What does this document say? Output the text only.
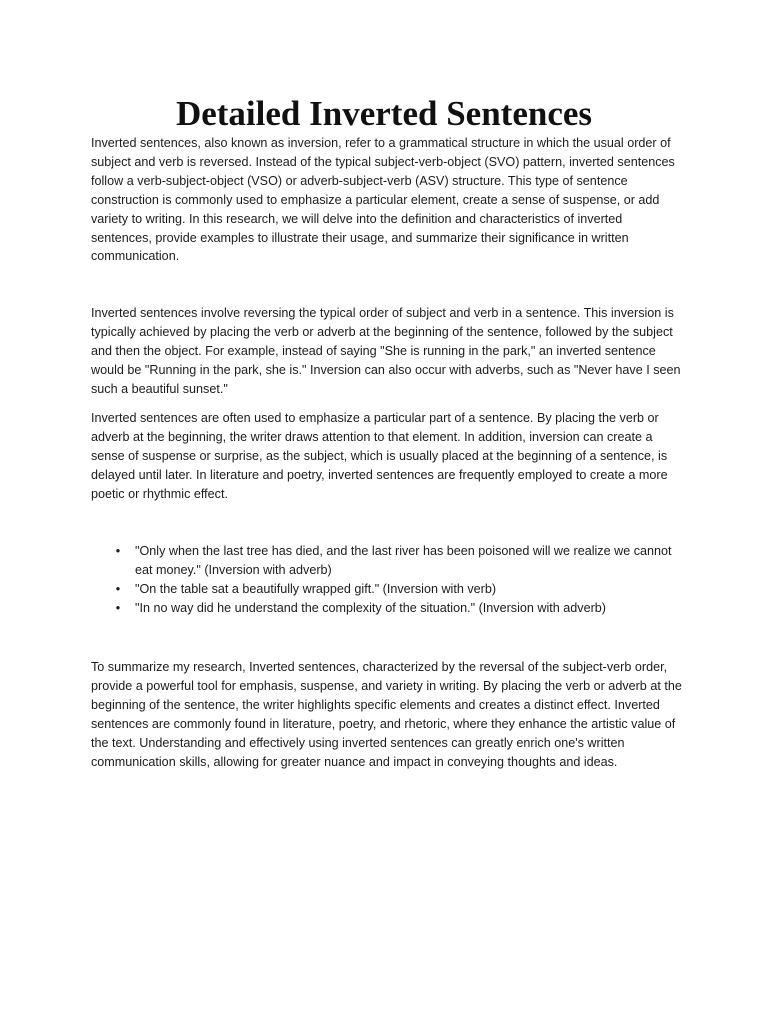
Detailed Inverted Sentences

Inverted sentences, also known as inversion, refer to a grammatical structure in which the usual order of subject and verb is reversed. Instead of the typical subject-verb-object (SVO) pattern, inverted sentences follow a verb-subject-object (VSO) or adverb-subject-verb (ASV) structure. This type of sentence construction is commonly used to emphasize a particular element, create a sense of suspense, or add variety to writing. In this research, we will delve into the definition and characteristics of inverted sentences, provide examples to illustrate their usage, and summarize their significance in written communication.

Inverted sentences involve reversing the typical order of subject and verb in a sentence. This inversion is typically achieved by placing the verb or adverb at the beginning of the sentence, followed by the subject and then the object. For example, instead of saying "She is running in the park," an inverted sentence would be "Running in the park, she is." Inversion can also occur with adverbs, such as "Never have I seen such a beautiful sunset."

Inverted sentences are often used to emphasize a particular part of a sentence. By placing the verb or adverb at the beginning, the writer draws attention to that element. In addition, inversion can create a sense of suspense or surprise, as the subject, which is usually placed at the beginning of a sentence, is delayed until later. In literature and poetry, inverted sentences are frequently employed to create a more poetic or rhythmic effect.

• "Only when the last tree has died, and the last river has been poisoned will we realize we cannot eat money." (Inversion with adverb)
• "On the table sat a beautifully wrapped gift." (Inversion with verb)
• "In no way did he understand the complexity of the situation." (Inversion with adverb)

To summarize my research, Inverted sentences, characterized by the reversal of the subject-verb order, provide a powerful tool for emphasis, suspense, and variety in writing. By placing the verb or adverb at the beginning of the sentence, the writer highlights specific elements and creates a distinct effect. Inverted sentences are commonly found in literature, poetry, and rhetoric, where they enhance the artistic value of the text. Understanding and effectively using inverted sentences can greatly enrich one's written communication skills, allowing for greater nuance and impact in conveying thoughts and ideas.
